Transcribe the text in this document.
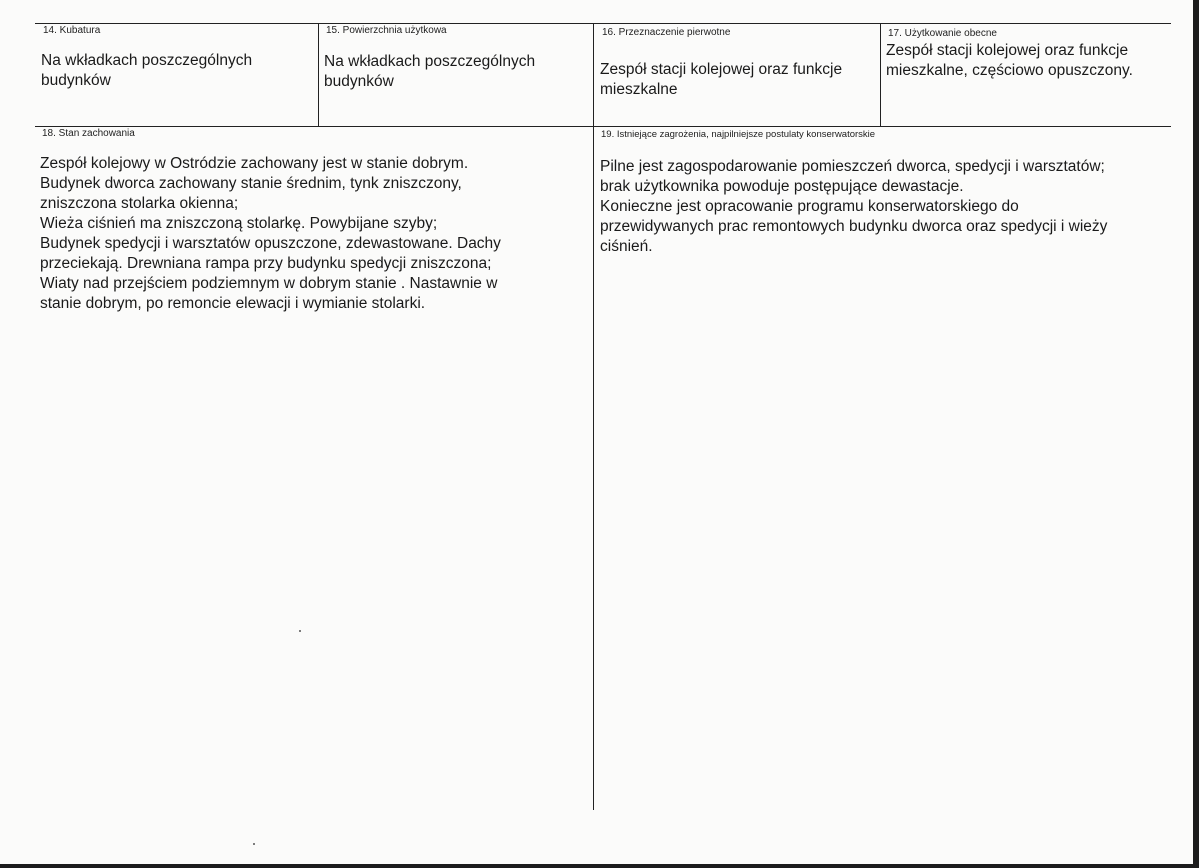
14. Kubatura
Na wkładkach poszczególnych
budynków
15. Powierzchnia użytkowa
Na wkładkach poszczególnych
budynków
16. Przeznaczenie pierwotne
Zespół stacji kolejowej oraz funkcje
mieszkalne
17. Użytkowanie obecne
Zespół stacji kolejowej oraz funkcje
mieszkalne, częściowo opuszczony.
18. Stan zachowania
Zespół kolejowy w Ostródzie zachowany jest w stanie dobrym.
Budynek dworca zachowany stanie średnim, tynk zniszczony,
zniszczona stolarka okienna;
Wieża ciśnień ma zniszczoną stolarkę. Powybijane szyby;
Budynek spedycji i warsztatów opuszczone, zdewastowane. Dachy
przeciekają. Drewniana rampa przy budynku spedycji zniszczona;
Wiaty nad przejściem podziemnym w dobrym stanie . Nastawnie w
stanie dobrym, po remoncie elewacji i wymianie stolarki.
19. Istniejące zagrożenia, najpilniejsze postulaty konserwatorskie
Pilne jest zagospodarowanie pomieszczeń dworca, spedycji i warsztatów;
brak użytkownika powoduje postępujące dewastacje.
Konieczne jest opracowanie programu konserwatorskiego do
przewidywanych prac remontowych budynku dworca oraz spedycji i wieży
ciśnień.
